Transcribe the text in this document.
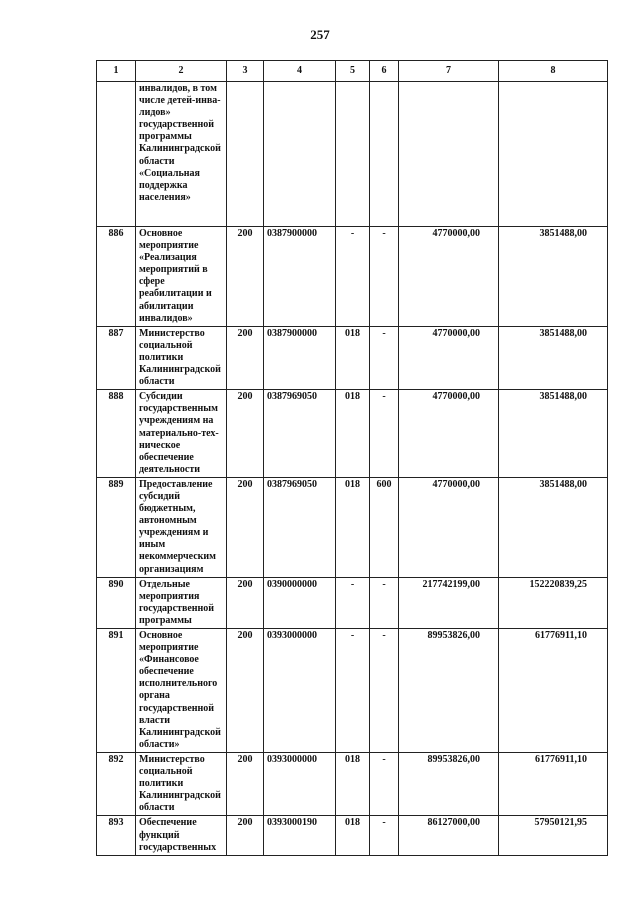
257
1	2	3	4	5	6	7	8
	инвалидов, в том числе детей-инва-лидов» государственной программы Калининградской области «Социальная поддержка населения»						
886	Основное мероприятие «Реализация мероприятий в сфере реабилитации и абилитации инвалидов»	200	0387900000	-	-	4770000,00	3851488,00
887	Министерство социальной политики Калининградской области	200	0387900000	018	-	4770000,00	3851488,00
888	Субсидии государственным учреждениям на материально-тех-ническое обеспечение деятельности	200	0387969050	018	-	4770000,00	3851488,00
889	Предоставление субсидий бюджетным, автономным учреждениям и иным некоммерческим организациям	200	0387969050	018	600	4770000,00	3851488,00
890	Отдельные мероприятия государственной программы	200	0390000000	-	-	217742199,00	152220839,25
891	Основное мероприятие «Финансовое обеспечение исполнительного органа государственной власти Калининградской области»	200	0393000000	-	-	89953826,00	61776911,10
892	Министерство социальной политики Калининградской области	200	0393000000	018	-	89953826,00	61776911,10
893	Обеспечение функций государственных	200	0393000190	018	-	86127000,00	57950121,95
